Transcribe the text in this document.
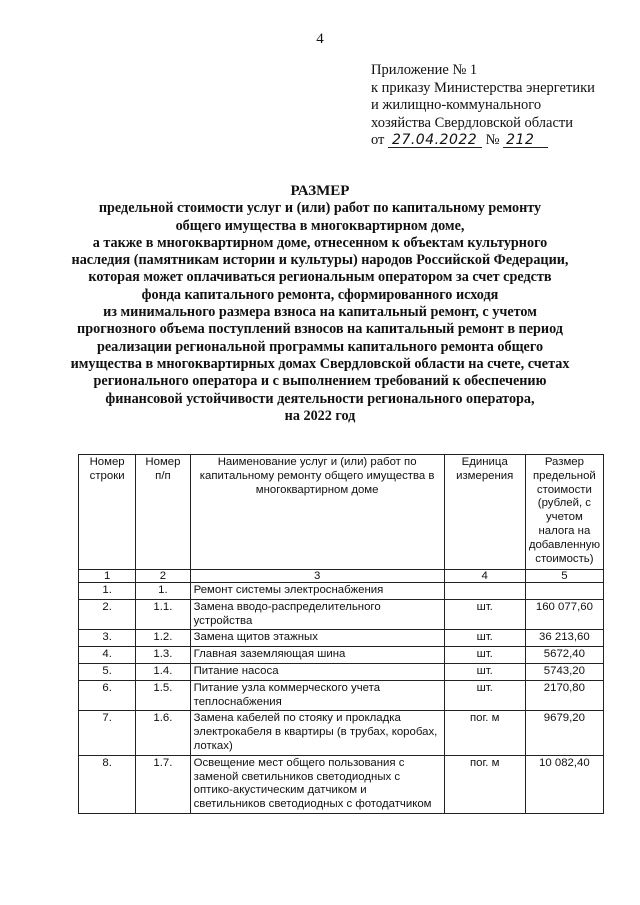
4
Приложение № 1
к приказу Министерства энергетики
и жилищно-коммунального
хозяйства Свердловской области
от 27.04.2022 № 212
РАЗМЕР
предельной стоимости услуг и (или) работ по капитальному ремонту
общего имущества в многоквартирном доме,
а также в многоквартирном доме, отнесенном к объектам культурного
наследия (памятникам истории и культуры) народов Российской Федерации,
которая может оплачиваться региональным оператором за счет средств
фонда капитального ремонта, сформированного исходя
из минимального размера взноса на капитальный ремонт, с учетом
прогнозного объема поступлений взносов на капитальный ремонт в период
реализации региональной программы капитального ремонта общего
имущества в многоквартирных домах Свердловской области на счете, счетах
регионального оператора и с выполнением требований к обеспечению
финансовой устойчивости деятельности регионального оператора,
на 2022 год
Номер строки	Номер п/п	Наименование услуг и (или) работ по капитальному ремонту общего имущества в многоквартирном доме	Единица измерения	Размер предельной стоимости (рублей, с учетом налога на добавленную стоимость)
1	2	3	4	5
1.	1.	Ремонт системы электроснабжения		
2.	1.1.	Замена вводо-распределительного устройства	шт.	160 077,60
3.	1.2.	Замена щитов этажных	шт.	36 213,60
4.	1.3.	Главная заземляющая шина	шт.	5672,40
5.	1.4.	Питание насоса	шт.	5743,20
6.	1.5.	Питание узла коммерческого учета теплоснабжения	шт.	2170,80
7.	1.6.	Замена кабелей по стояку и прокладка электрокабеля в квартиры (в трубах, коробах, лотках)	пог. м	9679,20
8.	1.7.	Освещение мест общего пользования с заменой светильников светодиодных с оптико-акустическим датчиком и светильников светодиодных с фотодатчиком	пог. м	10 082,40
